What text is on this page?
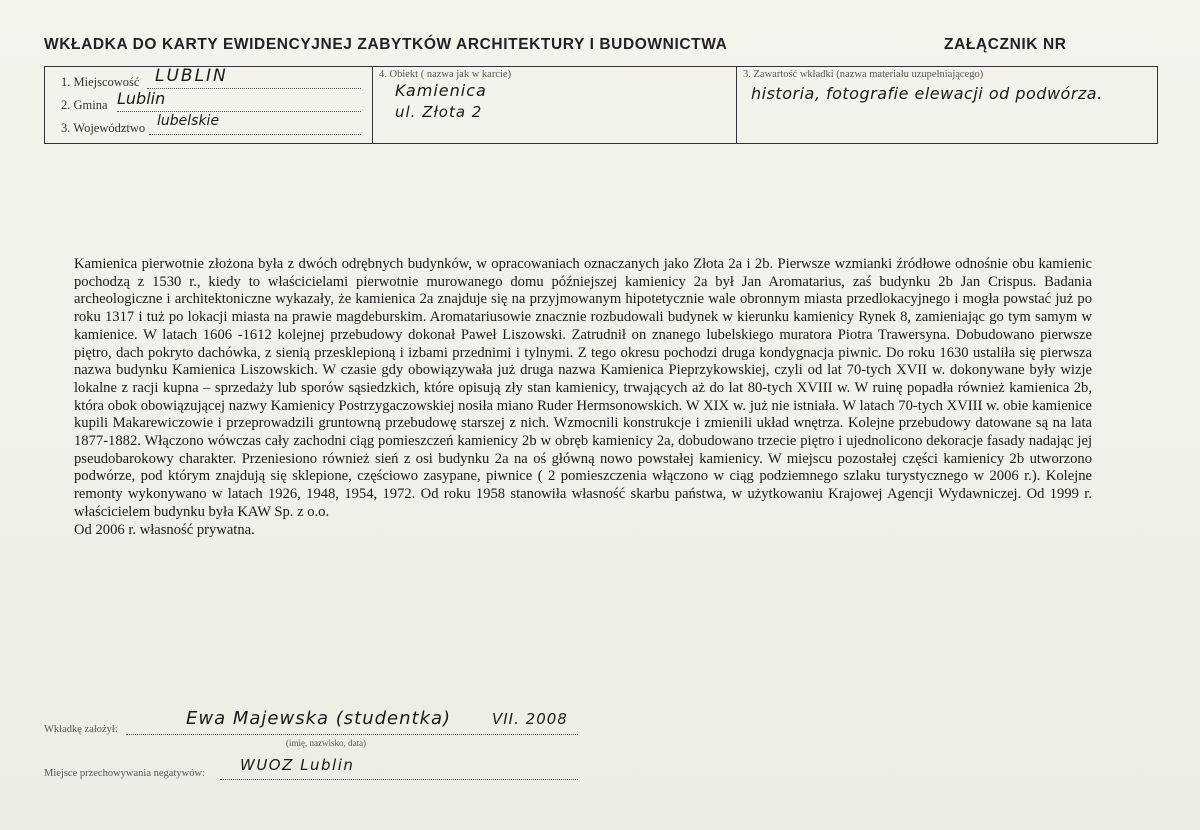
WKŁADKA DO KARTY EWIDENCYJNEJ ZABYTKÓW ARCHITEKTURY I BUDOWNICTWA	ZAŁĄCZNIK NR
1. Miejscowość LUBLIN
2. Gmina Lublin
3. Województwo lubelskie
4. Obiekt ( nazwa jak w karcie)
Kamienica
ul. Złota 2
3. Zawartość wkładki (nazwa materiału uzupełniającego)
historia, fotografie elewacji od podwórza.

Kamienica pierwotnie złożona była z dwóch odrębnych budynków, w opracowaniach oznaczanych jako Złota 2a i 2b. Pierwsze wzmianki źródłowe odnośnie obu kamienic pochodzą z 1530 r., kiedy to właścicielami pierwotnie murowanego domu późniejszej kamienicy 2a był Jan Aromatarius, zaś budynku 2b Jan Crispus. Badania archeologiczne i architektoniczne wykazały, że kamienica 2a znajduje się na przyjmowanym hipotetycznie wale obronnym miasta przedlokacyjnego i mogła powstać już po roku 1317 i tuż po lokacji miasta na prawie magdeburskim. Aromatariusowie znacznie rozbudowali budynek w kierunku kamienicy Rynek 8, zamieniając go tym samym w kamienice. W latach 1606 -1612 kolejnej przebudowy dokonał Paweł Liszowski. Zatrudnił on znanego lubelskiego muratora Piotra Trawersyna. Dobudowano pierwsze piętro, dach pokryto dachówka, z sienią przesklepioną i izbami przednimi i tylnymi. Z tego okresu pochodzi druga kondygnacja piwnic. Do roku 1630 ustaliła się pierwsza nazwa budynku Kamienica Liszowskich. W czasie gdy obowiązywała już druga nazwa Kamienica Pieprzykowskiej, czyli od lat 70-tych XVII w. dokonywane były wizje lokalne z racji kupna – sprzedaży lub sporów sąsiedzkich, które opisują zły stan kamienicy, trwających aż do lat 80-tych XVIII w. W ruinę popadła również kamienica 2b, która obok obowiązującej nazwy Kamienicy Postrzygaczowskiej nosiła miano Ruder Hermsonowskich. W XIX w. już nie istniała. W latach 70-tych XVIII w. obie kamienice kupili Makarewiczowie i przeprowadzili gruntowną przebudowę starszej z nich. Wzmocnili konstrukcje i zmienili układ wnętrza. Kolejne przebudowy datowane są na lata 1877-1882. Włączono wówczas cały zachodni ciąg pomieszczeń kamienicy 2b w obręb kamienicy 2a, dobudowano trzecie piętro i ujednolicono dekoracje fasady nadając jej pseudobarokowy charakter. Przeniesiono również sień z osi budynku 2a na oś główną nowo powstałej kamienicy. W miejscu pozostałej części kamienicy 2b utworzono podwórze, pod którym znajdują się sklepione, częściowo zasypane, piwnice ( 2 pomieszczenia włączono w ciąg podziemnego szlaku turystycznego w 2006 r.). Kolejne remonty wykonywano w latach 1926, 1948, 1954, 1972. Od roku 1958 stanowiła własność skarbu państwa, w użytkowaniu Krajowej Agencji Wydawniczej. Od 1999 r. właścicielem budynku była KAW Sp. z o.o.

Od 2006 r. własność prywatna.

Wkładkę założył:
Ewa Majewska (studentka)	VII. 2008
(imię, nazwisko, data)
Miejsce przechowywania negatywów: WUOZ Lublin
